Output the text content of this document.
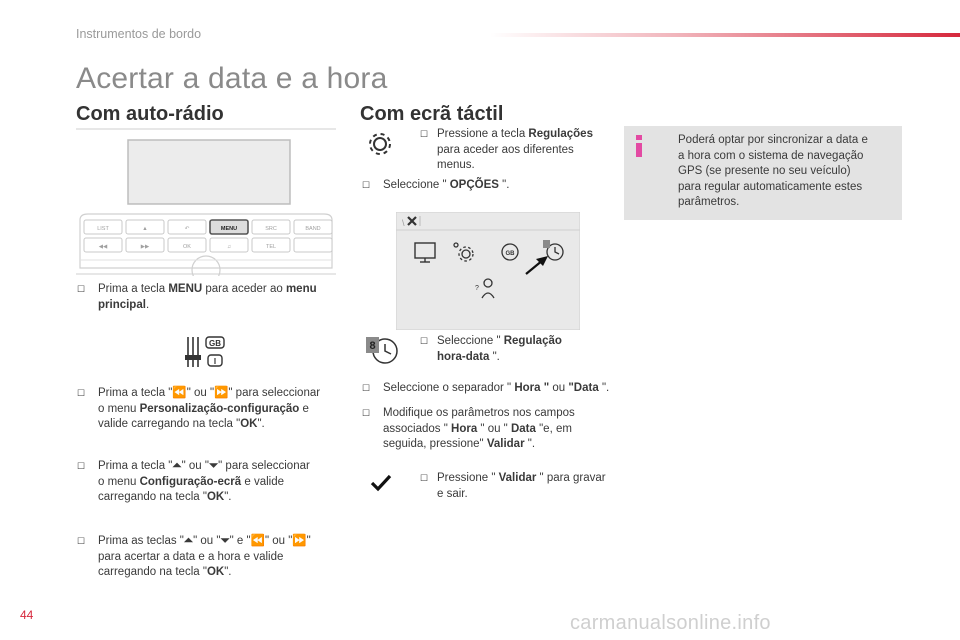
Instrumentos de bordo
Acertar a data e a hora
Com auto-rádio
LIST	▲	↶	MENU	SRC	BAND
◀◀	▶▶	OK	♫	TEL
GB
I
☐ Prima a tecla MENU para aceder ao menu
principal.
☐ Prima a tecla "⏪" ou "⏩" para seleccionar
o menu Personalização-configuração e
valide carregando na tecla "OK".
☐ Prima a tecla "⏶" ou "⏷" para seleccionar
o menu Configuração-ecrã e valide
carregando na tecla "OK".
☐ Prima as teclas "⏶" ou "⏷" e "⏪" ou "⏩"
para acertar a data e a hora e valide
carregando na tecla "OK".
Com ecrã táctil
\
GB
?
8
☐ Pressione a tecla Regulações
para aceder aos diferentes
menus.
☐ Seleccione " OPÇÕES ".
☐ Seleccione " Regulação
hora-data ".
☐ Seleccione o separador " Hora " ou "Data ".
☐ Modifique os parâmetros nos campos
associados " Hora " ou " Data "e, em
seguida, pressione" Validar ".
☐ Pressione " Validar " para gravar
e sair.
Poderá optar por sincronizar a data e
a hora com o sistema de navegação
GPS (se presente no seu veículo)
para regular automaticamente estes
parâmetros.
44	carmanualsonline.info
